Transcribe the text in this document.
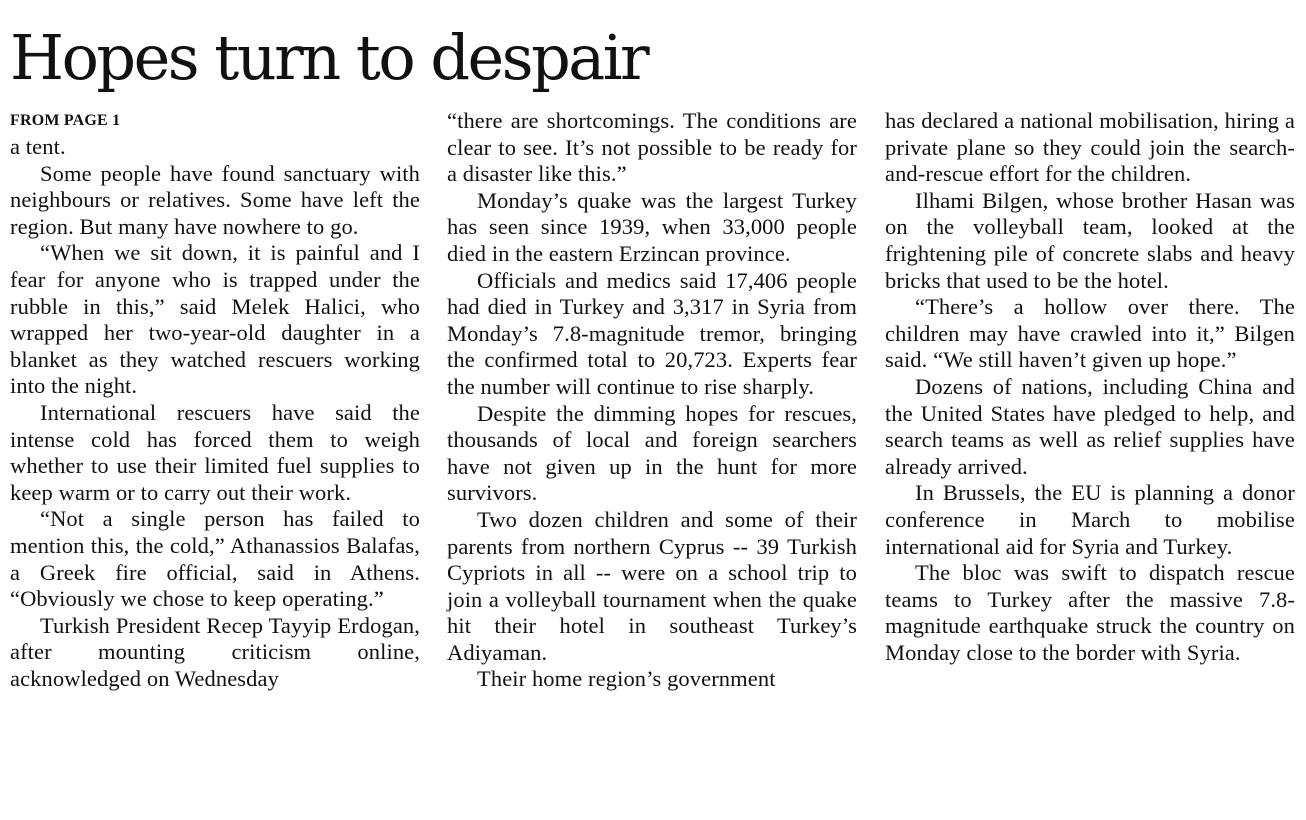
Hopes turn to despair
FROM PAGE 1

a tent.

Some people have found sanctuary with neighbours or relatives. Some have left the region. But many have nowhere to go.

“When we sit down, it is painful and I fear for anyone who is trapped under the rubble in this,” said Melek Halici, who wrapped her two-year-old daughter in a blanket as they watched rescuers working into the night.

International rescuers have said the intense cold has forced them to weigh whether to use their limited fuel supplies to keep warm or to carry out their work.

“Not a single person has failed to mention this, the cold,” Athanassios Balafas, a Greek fire official, said in Athens. “Obviously we chose to keep operating.”

Turkish President Recep Tayyip Erdogan, after mounting criticism online, acknowledged on Wednesday

“there are shortcomings. The conditions are clear to see. It’s not possible to be ready for a disaster like this.”

Monday’s quake was the largest Turkey has seen since 1939, when 33,000 people died in the eastern Erzincan province.

Officials and medics said 17,406 people had died in Turkey and 3,317 in Syria from Monday’s 7.8-magnitude tremor, bringing the confirmed total to 20,723. Experts fear the number will continue to rise sharply.

Despite the dimming hopes for rescues, thousands of local and foreign searchers have not given up in the hunt for more survivors.

Two dozen children and some of their parents from northern Cyprus -- 39 Turkish Cypriots in all -- were on a school trip to join a volleyball tournament when the quake hit their hotel in southeast Turkey’s Adiyaman.

Their home region’s government

has declared a national mobilisation, hiring a private plane so they could join the search-and-rescue effort for the children.

Ilhami Bilgen, whose brother Hasan was on the volleyball team, looked at the frightening pile of concrete slabs and heavy bricks that used to be the hotel.

“There’s a hollow over there. The children may have crawled into it,” Bilgen said. “We still haven’t given up hope.”

Dozens of nations, including China and the United States have pledged to help, and search teams as well as relief supplies have already arrived.

In Brussels, the EU is planning a donor conference in March to mobilise international aid for Syria and Turkey.

The bloc was swift to dispatch rescue teams to Turkey after the massive 7.8-magnitude earthquake struck the country on Monday close to the border with Syria.
